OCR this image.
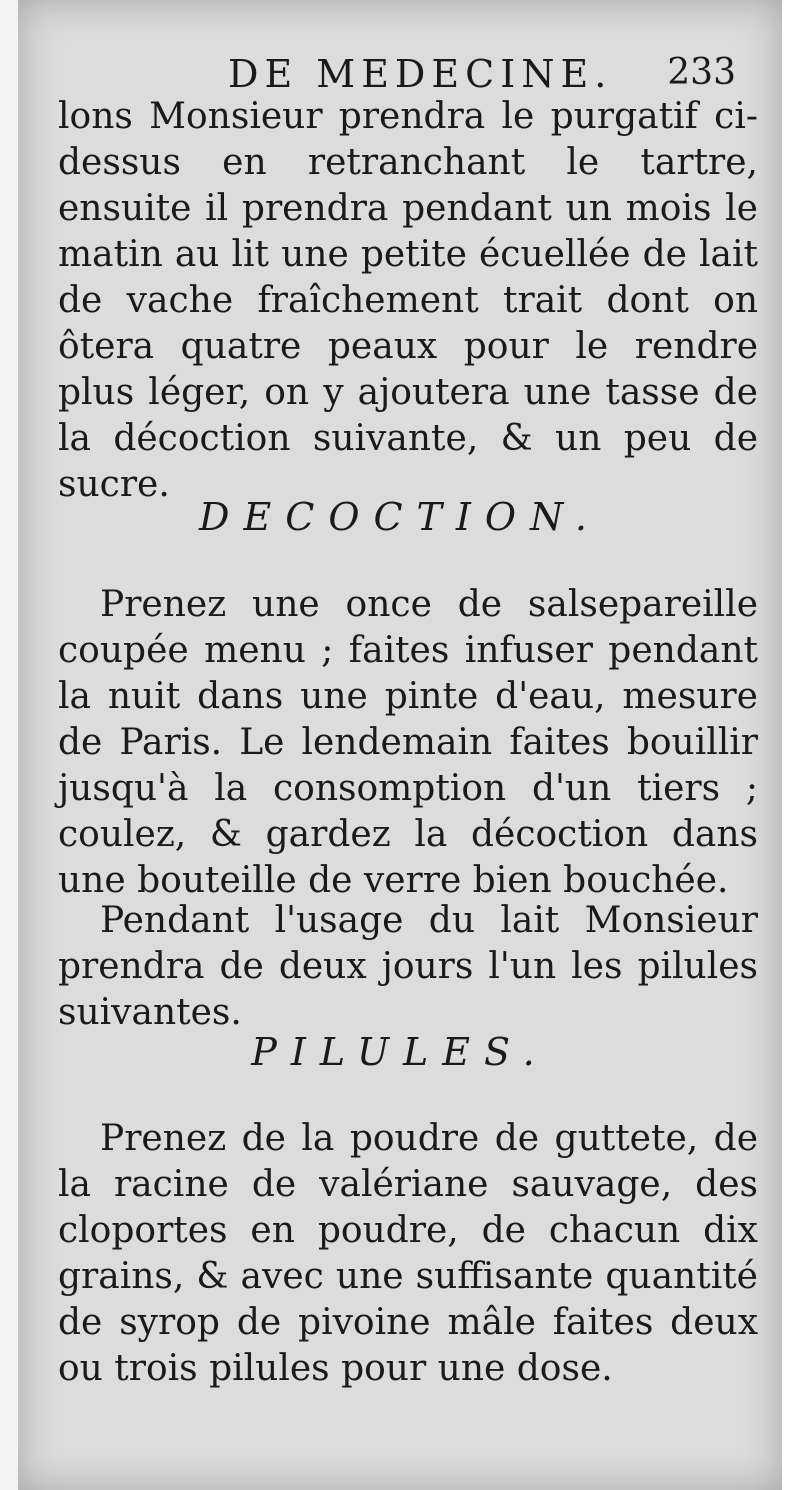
DE MEDECINE.	233

lons Monsieur prendra le purgatif ci-dessus en retranchant le tartre, ensuite il prendra pendant un mois le matin au lit une petite écuellée de lait de vache fraîchement trait dont on ôtera quatre peaux pour le rendre plus léger, on y ajoutera une tasse de la décoction suivante, & un peu de sucre.

DECOCTION.

Prenez une once de salsepareille coupée menu ; faites infuser pendant la nuit dans une pinte d'eau, mesure de Paris. Le lendemain faites bouillir jusqu'à la consomption d'un tiers ; coulez, & gardez la décoction dans une bouteille de verre bien bouchée.

Pendant l'usage du lait Monsieur prendra de deux jours l'un les pilules suivantes.

PILULES.

Prenez de la poudre de guttete, de la racine de valériane sauvage, des cloportes en poudre, de chacun dix grains, & avec une suffisante quantité de syrop de pivoine mâle faites deux ou trois pilules pour une dose.
